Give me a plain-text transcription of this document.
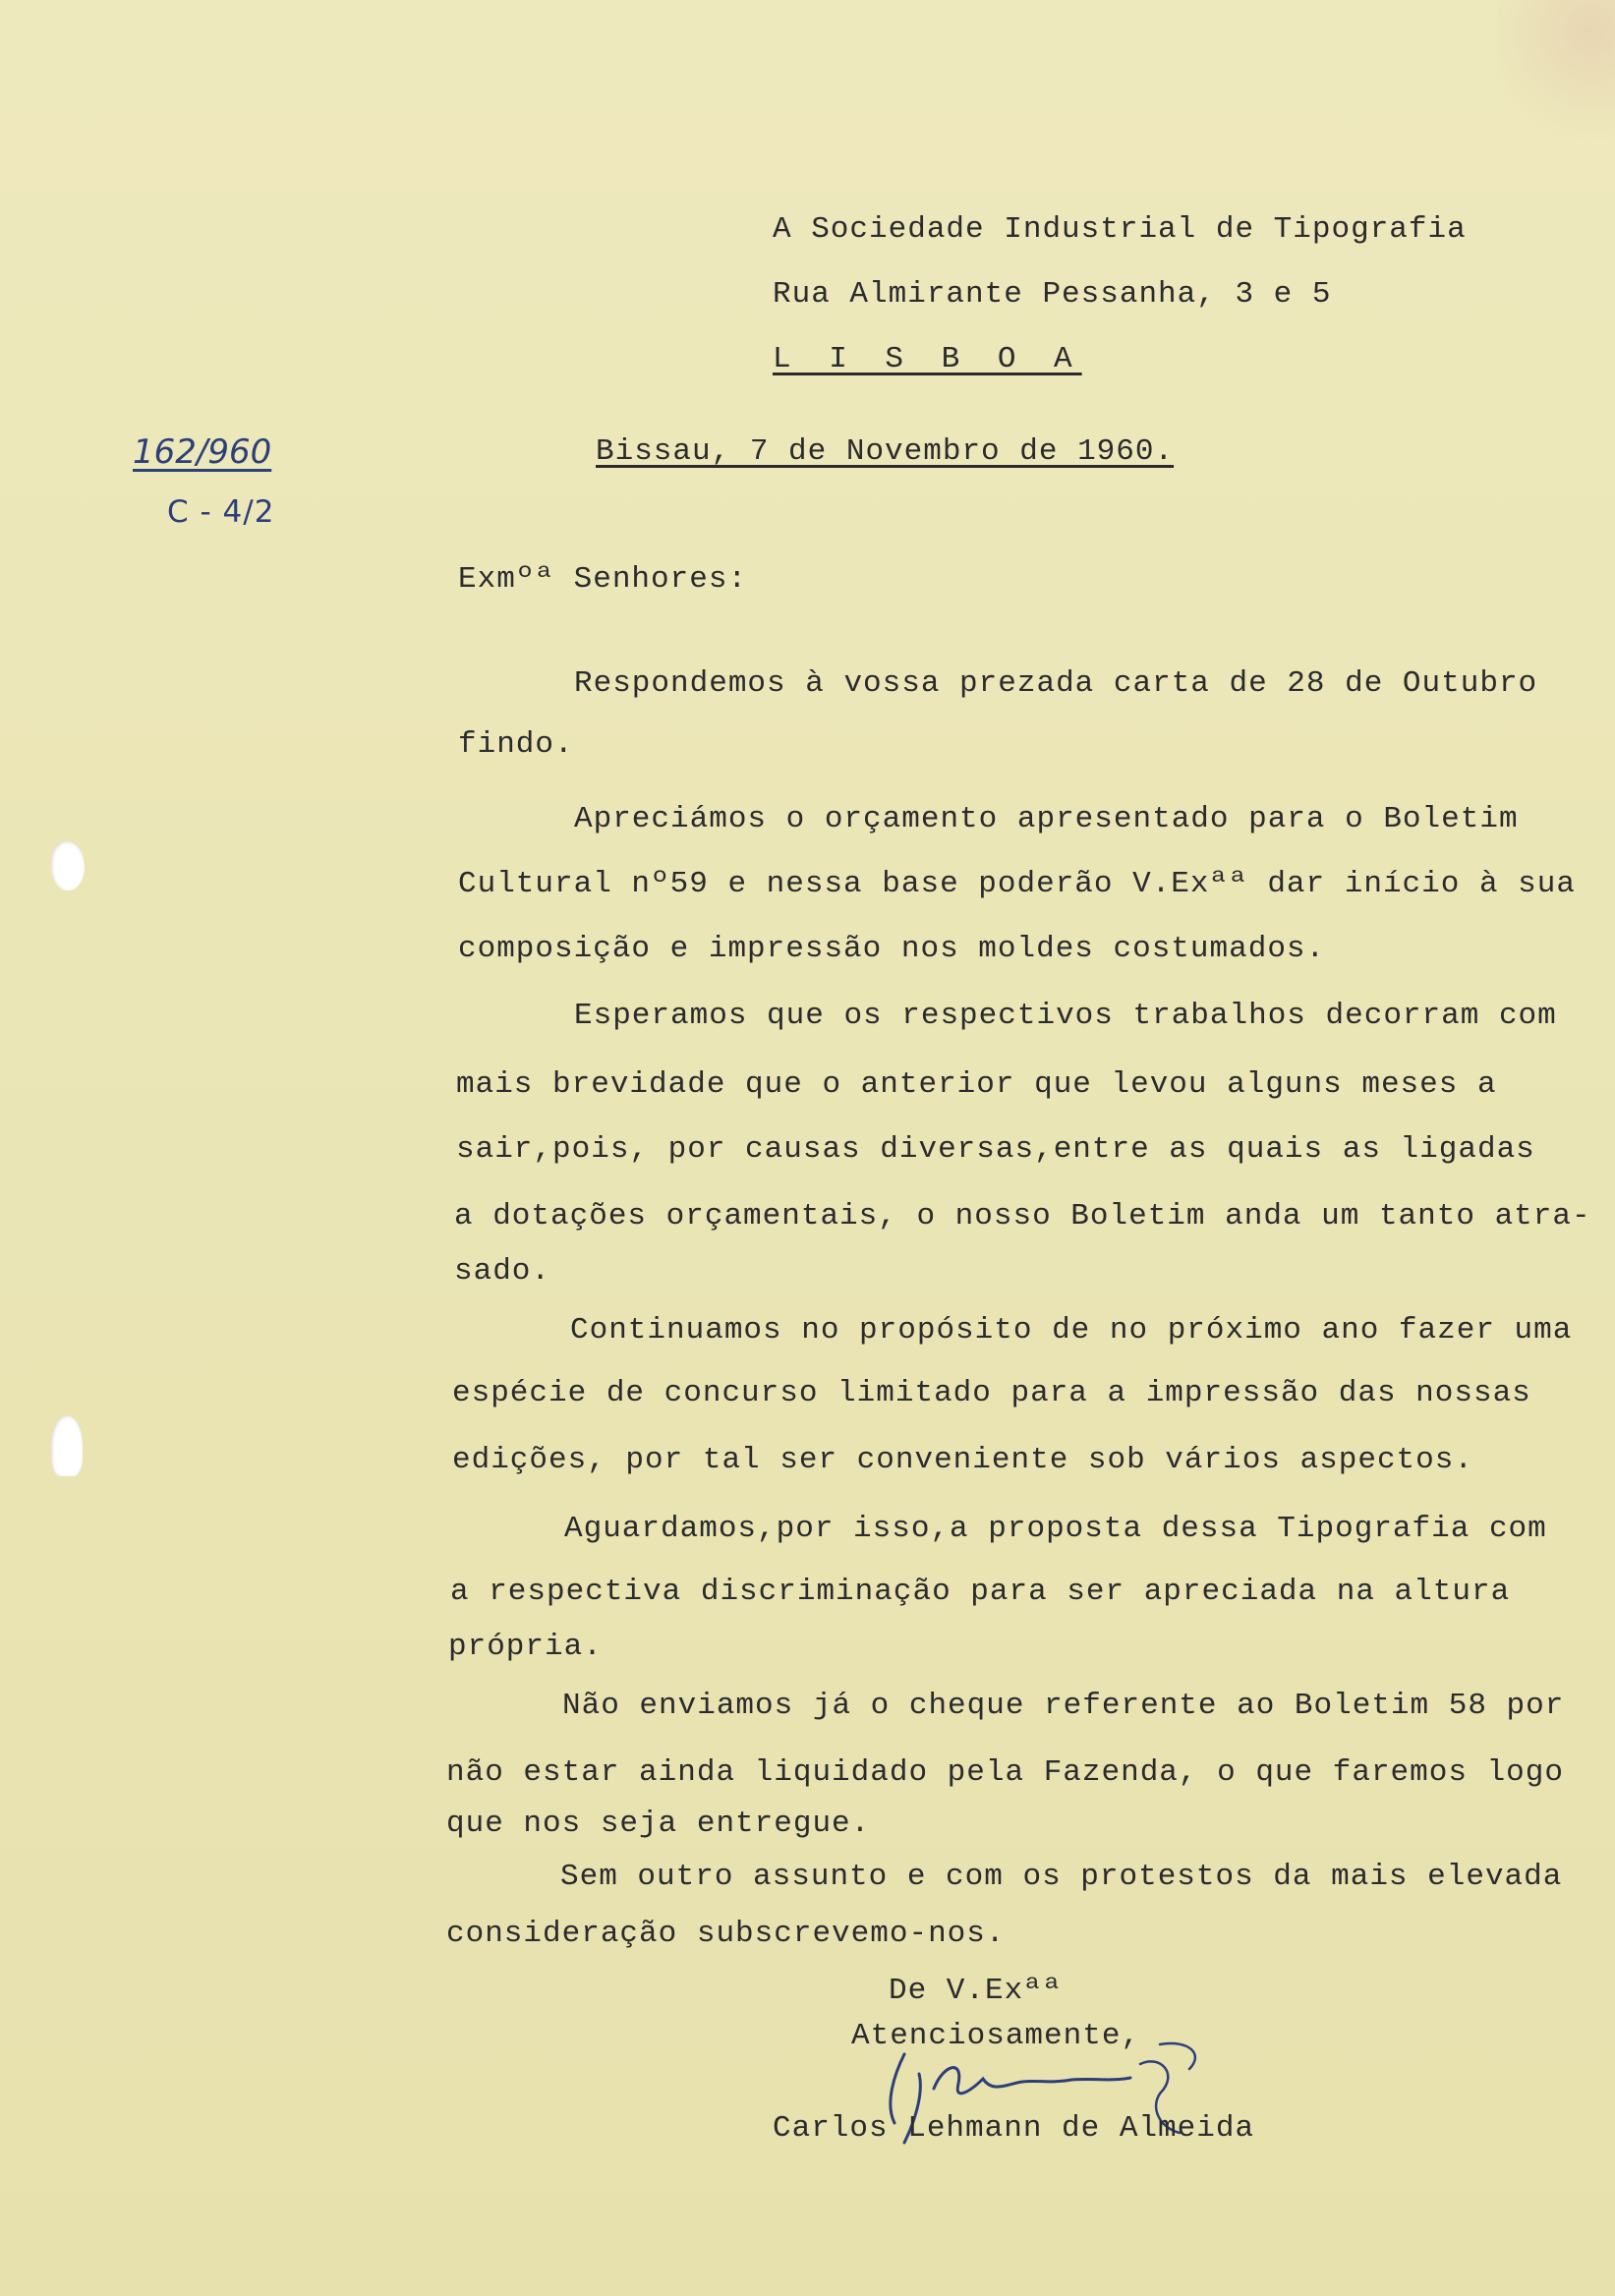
A Sociedade Industrial de Tipografia
Rua Almirante Pessanha, 3 e 5
L I S B O A
162/960
C - 4/2
Bissau, 7 de Novembro de 1960.
Exmºª Senhores:
Respondemos à vossa prezada carta de 28 de Outubro
findo.
Apreciámos o orçamento apresentado para o Boletim
Cultural nº59 e nessa base poderão V.Exªª dar início à sua
composição e impressão nos moldes costumados.
Esperamos que os respectivos trabalhos decorram com
mais brevidade que o anterior que levou alguns meses a
sair,pois, por causas diversas,entre as quais as ligadas
a dotações orçamentais, o nosso Boletim anda um tanto atra-
sado.
Continuamos no propósito de no próximo ano fazer uma
espécie de concurso limitado para a impressão das nossas
edições, por tal ser conveniente sob vários aspectos.
Aguardamos,por isso,a proposta dessa Tipografia com
a respectiva discriminação para ser apreciada na altura
própria.
Não enviamos já o cheque referente ao Boletim 58 por
não estar ainda liquidado pela Fazenda, o que faremos logo
que nos seja entregue.
Sem outro assunto e com os protestos da mais elevada
consideração subscrevemo-nos.
De V.Exªª
Atenciosamente,
Carlos Lehmann de Almeida
